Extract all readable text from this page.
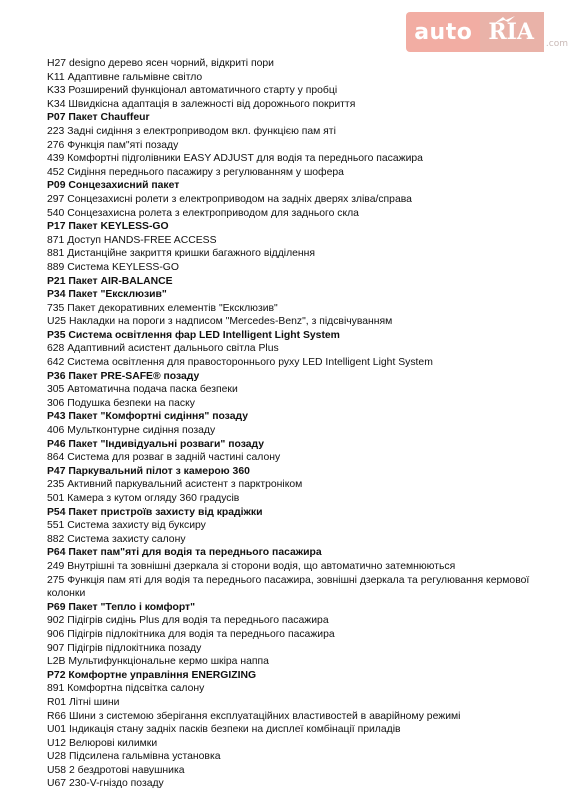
auto RIA .com
H27 designo дерево ясен чорний, відкриті пори
K11 Адаптивне гальмівне світло
K33 Розширений функціонал автоматичного старту у пробці
K34 Швидкісна адаптація в залежності від дорожнього покриття
P07 Пакет Chauffeur
223 Задні сидіння з електроприводом вкл. функцією пам яті
276 Функція пам"яті позаду
439 Комфортні підголівники EASY ADJUST для водія та переднього пасажира
452 Сидіння переднього пасажиру з регулюванням у шофера
P09 Сонцезахисний пакет
297 Сонцезахисні ролети з електроприводом на задніх дверях зліва/справа
540 Сонцезахисна ролета з електроприводом для заднього скла
P17 Пакет KEYLESS-GO
871 Доступ HANDS-FREE ACCESS
881 Дистанційне закриття кришки багажного відділення
889 Система KEYLESS-GO
P21 Пакет AIR-BALANCE
P34 Пакет "Ексклюзив"
735 Пакет декоративних елементів "Ексклюзив"
U25 Накладки на пороги з надписом "Mercedes-Benz", з підсвічуванням
P35 Система освітлення фар LED Intelligent Light System
628 Адаптивний асистент дальнього світла Plus
642 Система освітлення для правостороннього руху LED Intelligent Light System
P36 Пакет PRE-SAFE® позаду
305 Автоматична подача паска безпеки
306 Подушка безпеки на паску
P43 Пакет "Комфортні сидіння" позаду
406 Мультконтурне сидіння позаду
P46 Пакет "Індивідуальні розваги" позаду
864 Система для розваг в задній частині салону
P47 Паркувальний пілот з камерою 360
235 Активний паркувальний асистент з парктроніком
501 Камера з кутом огляду 360 градусів
P54 Пакет пристроїв захисту від крадіжки
551 Система захисту від буксиру
882 Система захисту салону
P64 Пакет пам"яті для водія та переднього пасажира
249 Внутрішні та зовнішні дзеркала зі сторони водія, що автоматично затемнюються
275 Функція пам яті для водія та переднього пасажира, зовнішні дзеркала та регулювання кермової колонки
P69 Пакет "Тепло і комфорт"
902 Підігрів сидінь Plus для водія та переднього пасажира
906 Підігрів підлокітника для водія та переднього пасажира
907 Підігрів підлокітника позаду
L2B Мультифункціональне кермо шкіра наппа
P72 Комфортне управління ENERGIZING
891 Комфортна підсвітка салону
R01 Літні шини
R66 Шини з системою зберігання експлуатаційних властивостей в аварійному режимі
U01 Індикація стану задніх пасків безпеки на дисплеї комбінації приладів
U12 Велюрові килимки
U28 Підсилена гальмівна установка
U58 2 бездротові навушника
U67 230-V-гніздо позаду
